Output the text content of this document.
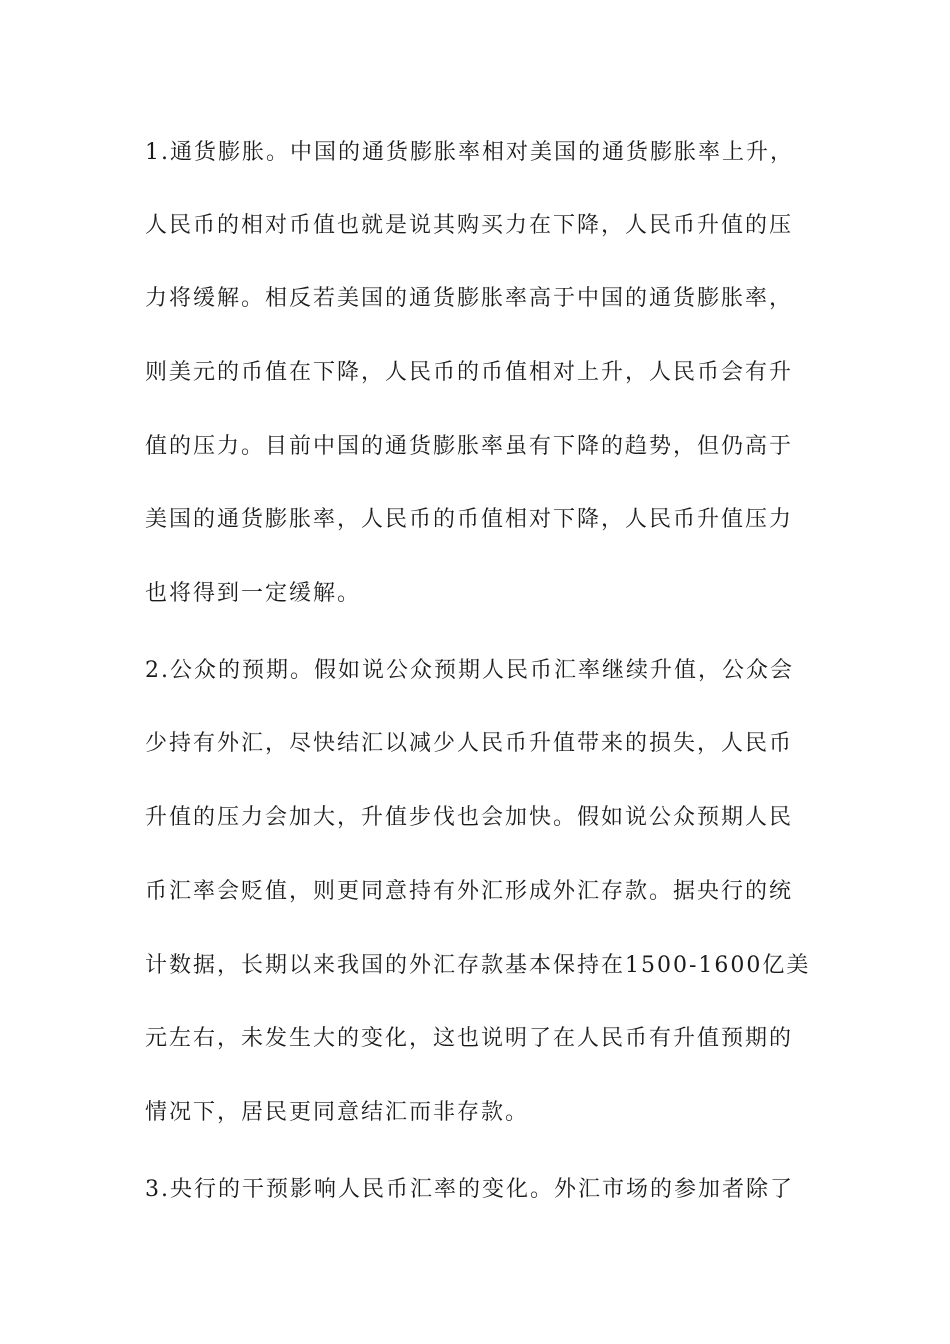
1.通货膨胀。中国的通货膨胀率相对美国的通货膨胀率上升，
人民币的相对币值也就是说其购买力在下降，人民币升值的压
力将缓解。相反若美国的通货膨胀率高于中国的通货膨胀率，
则美元的币值在下降，人民币的币值相对上升，人民币会有升
值的压力。目前中国的通货膨胀率虽有下降的趋势，但仍高于
美国的通货膨胀率，人民币的币值相对下降，人民币升值压力
也将得到一定缓解。
2.公众的预期。假如说公众预期人民币汇率继续升值，公众会
少持有外汇，尽快结汇以减少人民币升值带来的损失，人民币
升值的压力会加大，升值步伐也会加快。假如说公众预期人民
币汇率会贬值，则更同意持有外汇形成外汇存款。据央行的统
计数据，长期以来我国的外汇存款基本保持在1500-1600亿美
元左右，未发生大的变化，这也说明了在人民币有升值预期的
情况下，居民更同意结汇而非存款。
3.央行的干预影响人民币汇率的变化。外汇市场的参加者除了
